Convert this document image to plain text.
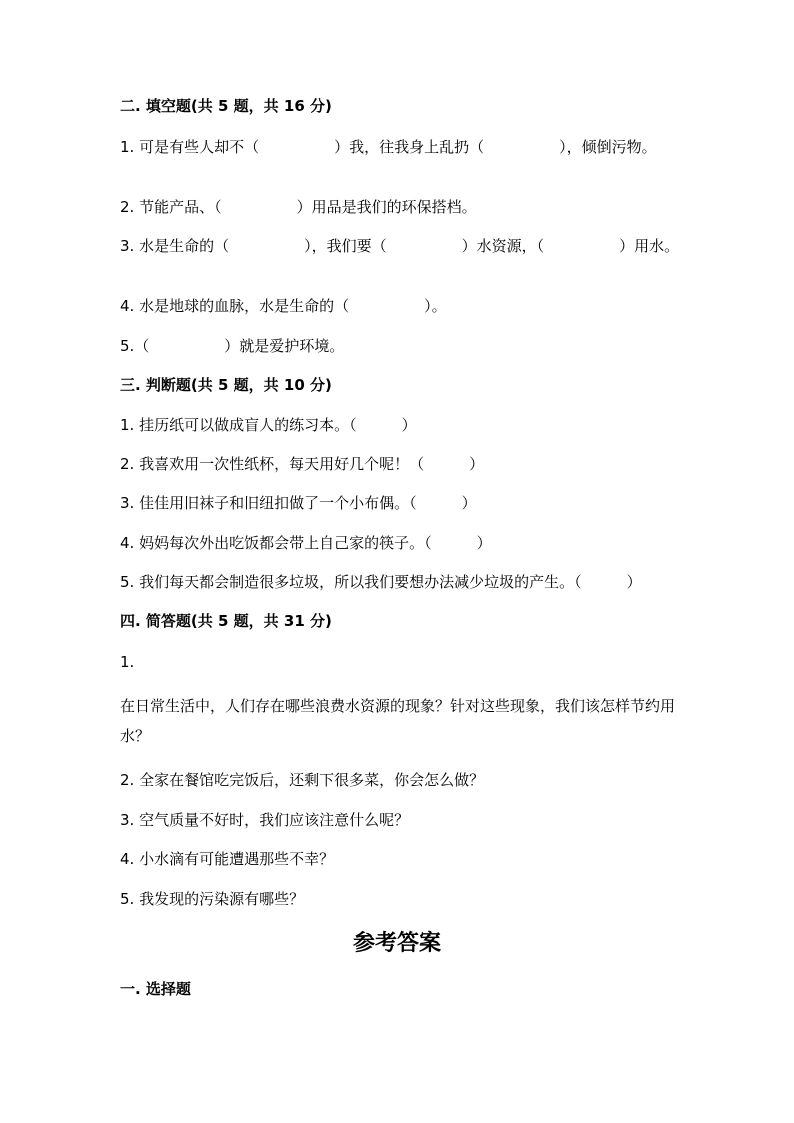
二. 填空题(共 5 题，共 16 分)
1. 可是有些人却不（　　　　　）我，往我身上乱扔（　　　　　），倾倒污物。
2. 节能产品、（　　　　　）用品是我们的环保搭档。
3. 水是生命的（　　　　　），我们要（　　　　　）水资源，（　　　　　）用水。
4. 水是地球的血脉，水是生命的（　　　　　）。
5.（　　　　　）就是爱护环境。
三. 判断题(共 5 题，共 10 分)
1. 挂历纸可以做成盲人的练习本。（　　　）
2. 我喜欢用一次性纸杯，每天用好几个呢！（　　　）
3. 佳佳用旧袜子和旧纽扣做了一个小布偶。（　　　）
4. 妈妈每次外出吃饭都会带上自己家的筷子。（　　　）
5. 我们每天都会制造很多垃圾，所以我们要想办法减少垃圾的产生。（　　　）
四. 简答题(共 5 题，共 31 分)
1.
在日常生活中，人们存在哪些浪费水资源的现象？针对这些现象，我们该怎样节约用水？
2. 全家在餐馆吃完饭后，还剩下很多菜，你会怎么做？
3. 空气质量不好时，我们应该注意什么呢？
4. 小水滴有可能遭遇那些不幸？
5. 我发现的污染源有哪些？
参考答案
一. 选择题
